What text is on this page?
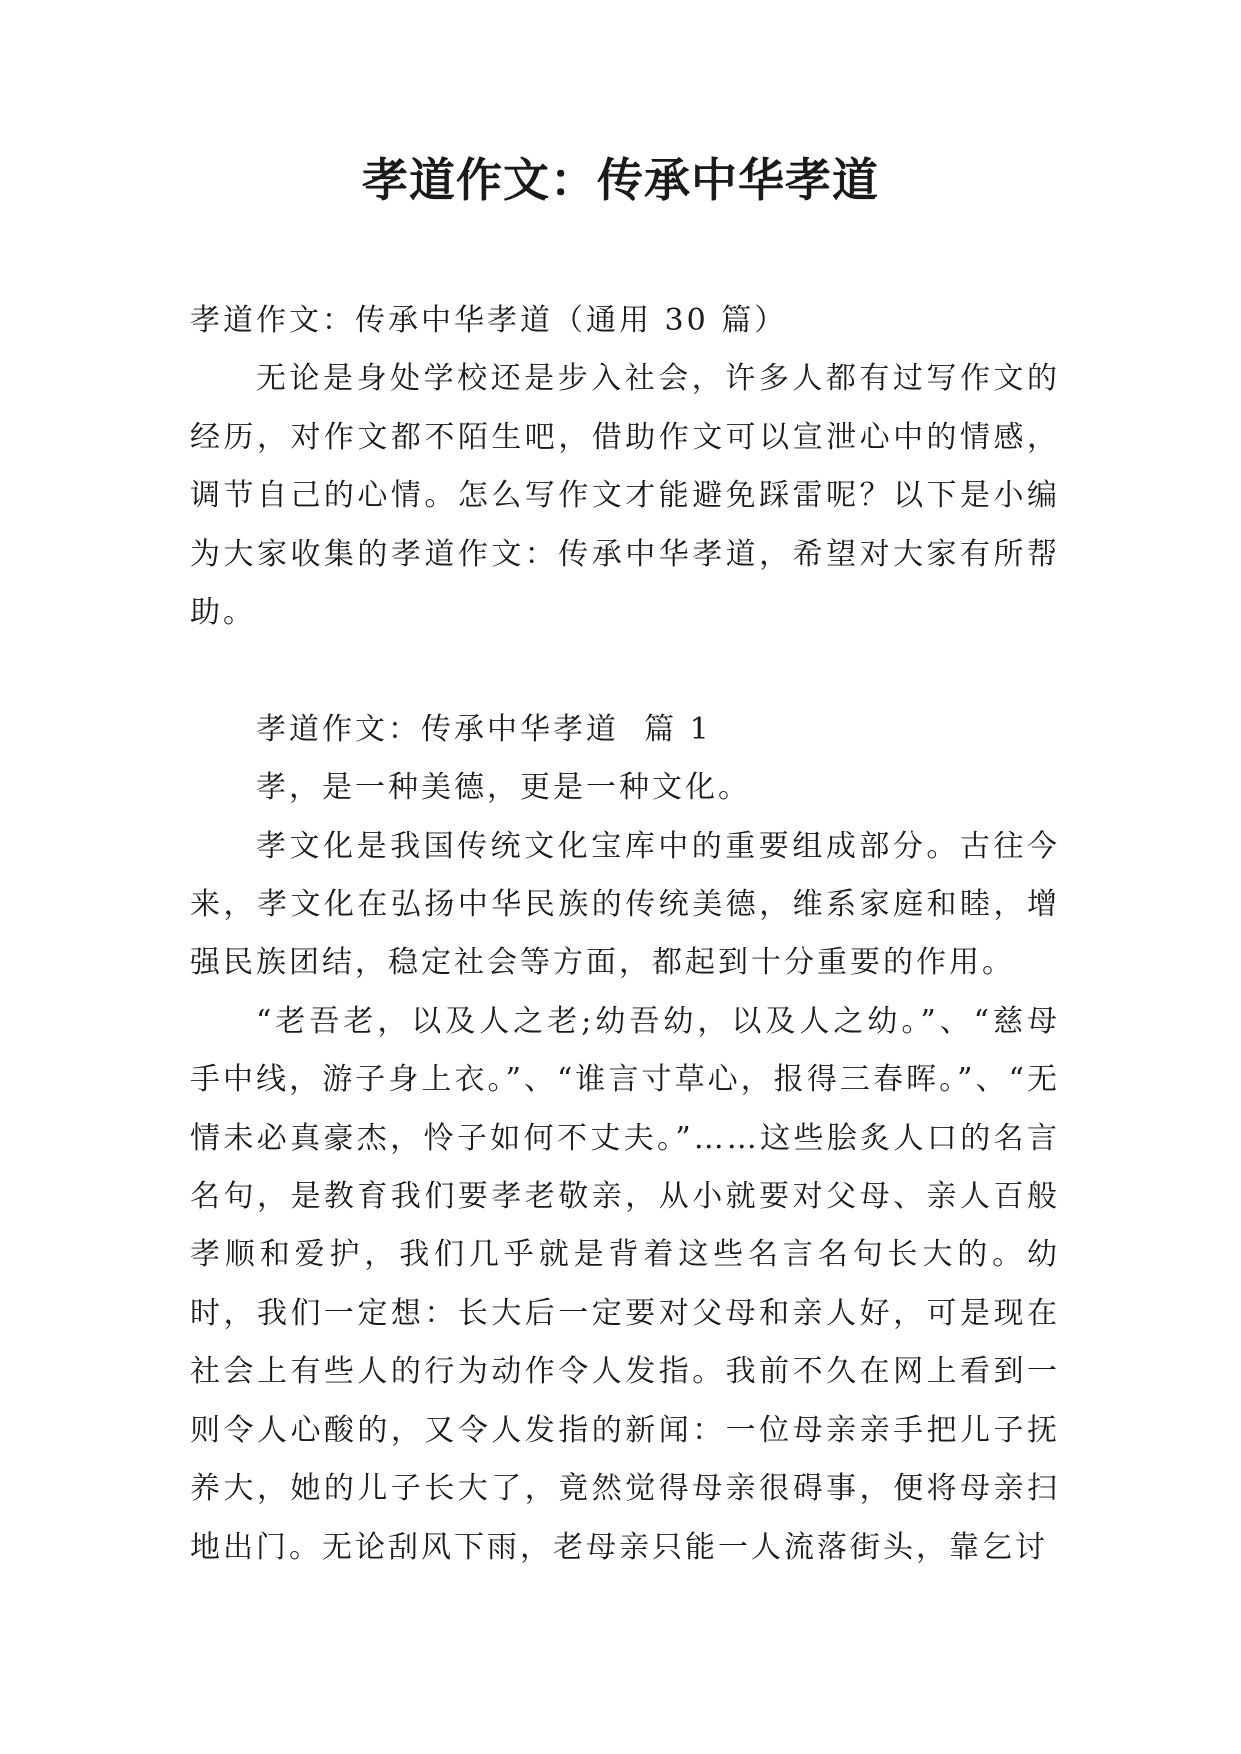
孝道作文：传承中华孝道

孝道作文：传承中华孝道（通用 30 篇）

无论是身处学校还是步入社会，许多人都有过写作文的经历，对作文都不陌生吧，借助作文可以宣泄心中的情感，调节自己的心情。怎么写作文才能避免踩雷呢？以下是小编为大家收集的孝道作文：传承中华孝道，希望对大家有所帮助。

孝道作文：传承中华孝道  篇 1

孝，是一种美德，更是一种文化。

孝文化是我国传统文化宝库中的重要组成部分。古往今来，孝文化在弘扬中华民族的传统美德，维系家庭和睦，增强民族团结，稳定社会等方面，都起到十分重要的作用。

“老吾老，以及人之老;幼吾幼，以及人之幼。”、“慈母手中线，游子身上衣。”、“谁言寸草心，报得三春晖。”、“无情未必真豪杰，怜子如何不丈夫。”……这些脍炙人口的名言名句，是教育我们要孝老敬亲，从小就要对父母、亲人百般孝顺和爱护，我们几乎就是背着这些名言名句长大的。幼时，我们一定想：长大后一定要对父母和亲人好，可是现在社会上有些人的行为动作令人发指。我前不久在网上看到一则令人心酸的，又令人发指的新闻：一位母亲亲手把儿子抚养大，她的儿子长大了，竟然觉得母亲很碍事，便将母亲扫地出门。无论刮风下雨，老母亲只能一人流落街头，靠乞讨
